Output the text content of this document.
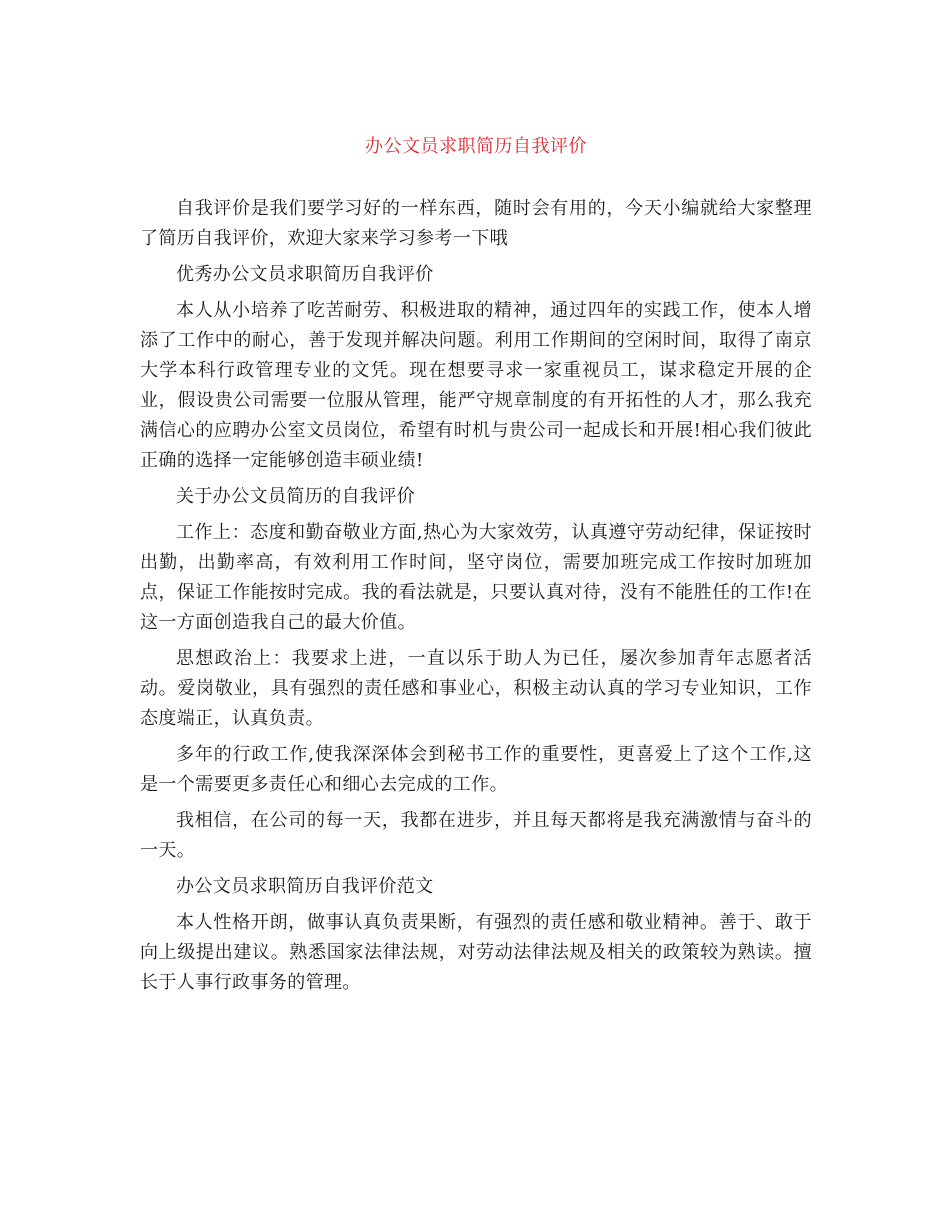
办公文员求职简历自我评价

自我评价是我们要学习好的一样东西，随时会有用的，今天小编就给大家整理了简历自我评价，欢迎大家来学习参考一下哦

优秀办公文员求职简历自我评价

本人从小培养了吃苦耐劳、积极进取的精神，通过四年的实践工作，使本人增添了工作中的耐心，善于发现并解决问题。利用工作期间的空闲时间，取得了南京大学本科行政管理专业的文凭。现在想要寻求一家重视员工，谋求稳定开展的企业，假设贵公司需要一位服从管理，能严守规章制度的有开拓性的人才，那么我充满信心的应聘办公室文员岗位，希望有时机与贵公司一起成长和开展!相心我们彼此正确的选择一定能够创造丰硕业绩!

关于办公文员简历的自我评价

工作上：态度和勤奋敬业方面,热心为大家效劳，认真遵守劳动纪律，保证按时出勤，出勤率高，有效利用工作时间，坚守岗位，需要加班完成工作按时加班加点，保证工作能按时完成。我的看法就是，只要认真对待，没有不能胜任的工作!在这一方面创造我自己的最大价值。

思想政治上：我要求上进，一直以乐于助人为已任，屡次参加青年志愿者活动。爱岗敬业，具有强烈的责任感和事业心，积极主动认真的学习专业知识，工作态度端正，认真负责。

多年的行政工作,使我深深体会到秘书工作的重要性，更喜爱上了这个工作,这是一个需要更多责任心和细心去完成的工作。

我相信，在公司的每一天，我都在进步，并且每天都将是我充满激情与奋斗的一天。

办公文员求职简历自我评价范文

本人性格开朗，做事认真负责果断，有强烈的责任感和敬业精神。善于、敢于向上级提出建议。熟悉国家法律法规，对劳动法律法规及相关的政策较为熟读。擅长于人事行政事务的管理。
